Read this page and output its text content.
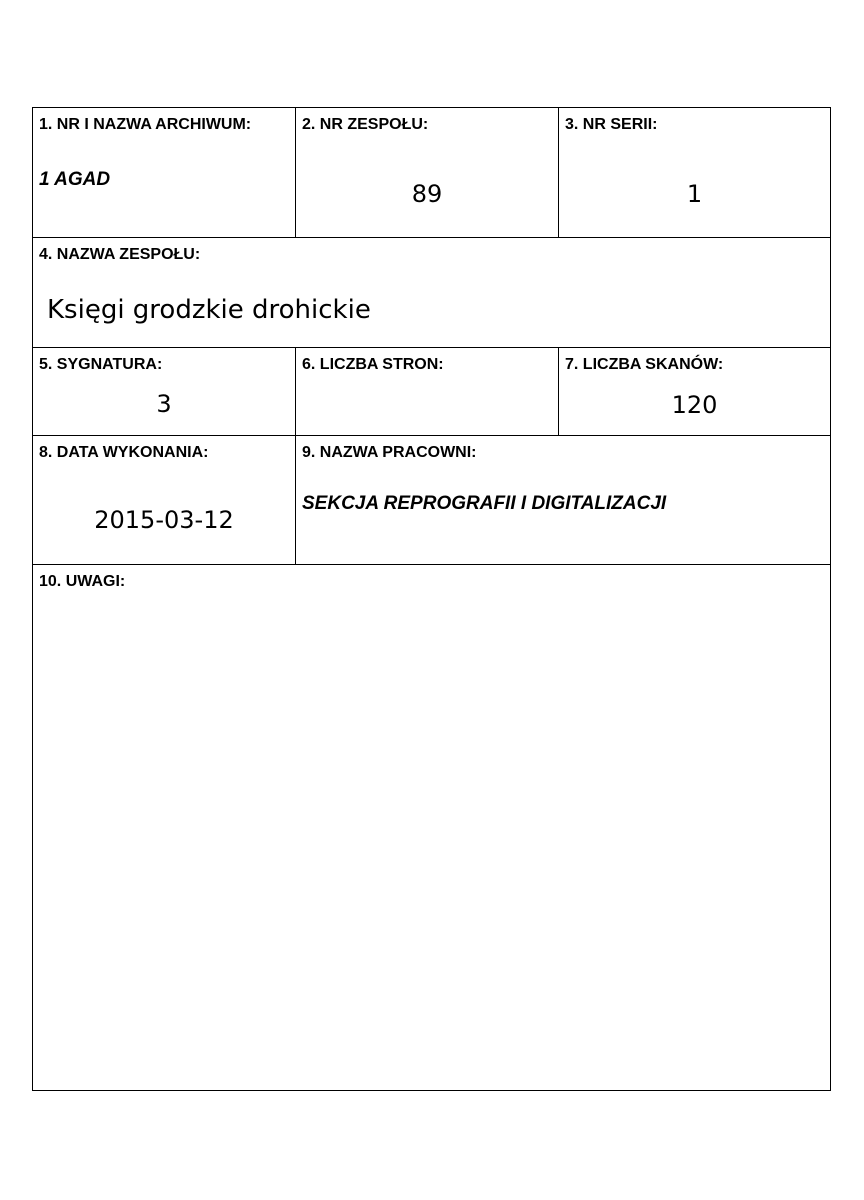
1. NR I NAZWA ARCHIWUM:
1 AGAD
2. NR ZESPOŁU:
89
3. NR SERII:
1
4. NAZWA ZESPOŁU:
Księgi grodzkie drohickie
5. SYGNATURA:
3
6. LICZBA STRON:	7. LICZBA SKANÓW:
120
8. DATA WYKONANIA:
2015-03-12
9. NAZWA PRACOWNI:
SEKCJA REPROGRAFII I DIGITALIZACJI
10. UWAGI:
